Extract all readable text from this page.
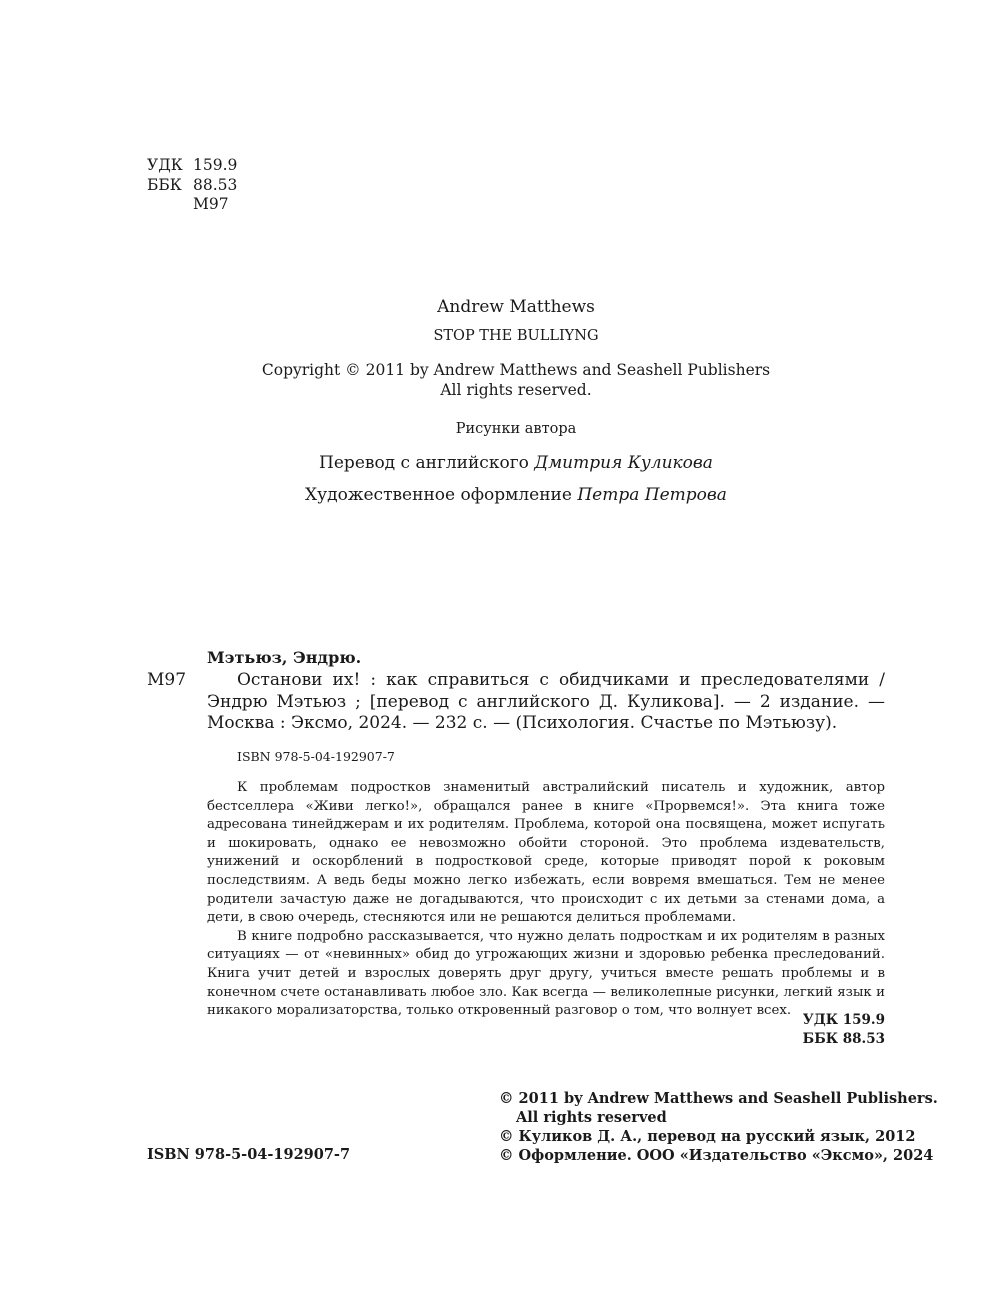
УДК 159.9
ББК 88.53
М97
Andrew Matthews
STOP THE BULLIYNG
Copyright © 2011 by Andrew Matthews and Seashell Publishers
All rights reserved.
Рисунки автора
Перевод с английского Дмитрия Куликова
Художественное оформление Петра Петрова
Мэтьюз, Эндрю.
М97	Останови их! : как справиться с обидчиками и преследователями / Эндрю Мэтьюз ; [перевод с английского Д. Куликова]. — 2 издание. — Москва : Эксмо, 2024. — 232 с. — (Психология. Счастье по Мэтьюзу).
ISBN 978-5-04-192907-7

К проблемам подростков знаменитый австралийский писатель и художник, автор бестселлера «Живи легко!», обращался ранее в книге «Прорвемся!». Эта книга тоже адресована тинейджерам и их родителям. Проблема, которой она посвящена, может испугать и шокировать, однако ее невозможно обойти стороной. Это проблема издевательств, унижений и оскорблений в подростковой среде, которые приводят порой к роковым последствиям. А ведь беды можно легко избежать, если вовремя вмешаться. Тем не менее родители зачастую даже не догадываются, что происходит с их детьми за стенами дома, а дети, в свою очередь, стесняются или не решаются делиться проблемами.

В книге подробно рассказывается, что нужно делать подросткам и их родителям в разных ситуациях — от «невинных» обид до угрожающих жизни и здоровью ребенка преследований. Книга учит детей и взрослых доверять друг другу, учиться вместе решать проблемы и в конечном счете останавливать любое зло. Как всегда — великолепные рисунки, легкий язык и никакого морализаторства, только откровенный разговор о том, что волнует всех.

УДК 159.9
ББК 88.53
© 2011 by Andrew Matthews and Seashell Publishers.
All rights reserved
© Куликов Д. А., перевод на русский язык, 2012
© Оформление. ООО «Издательство «Эксмо», 2024
ISBN 978-5-04-192907-7
